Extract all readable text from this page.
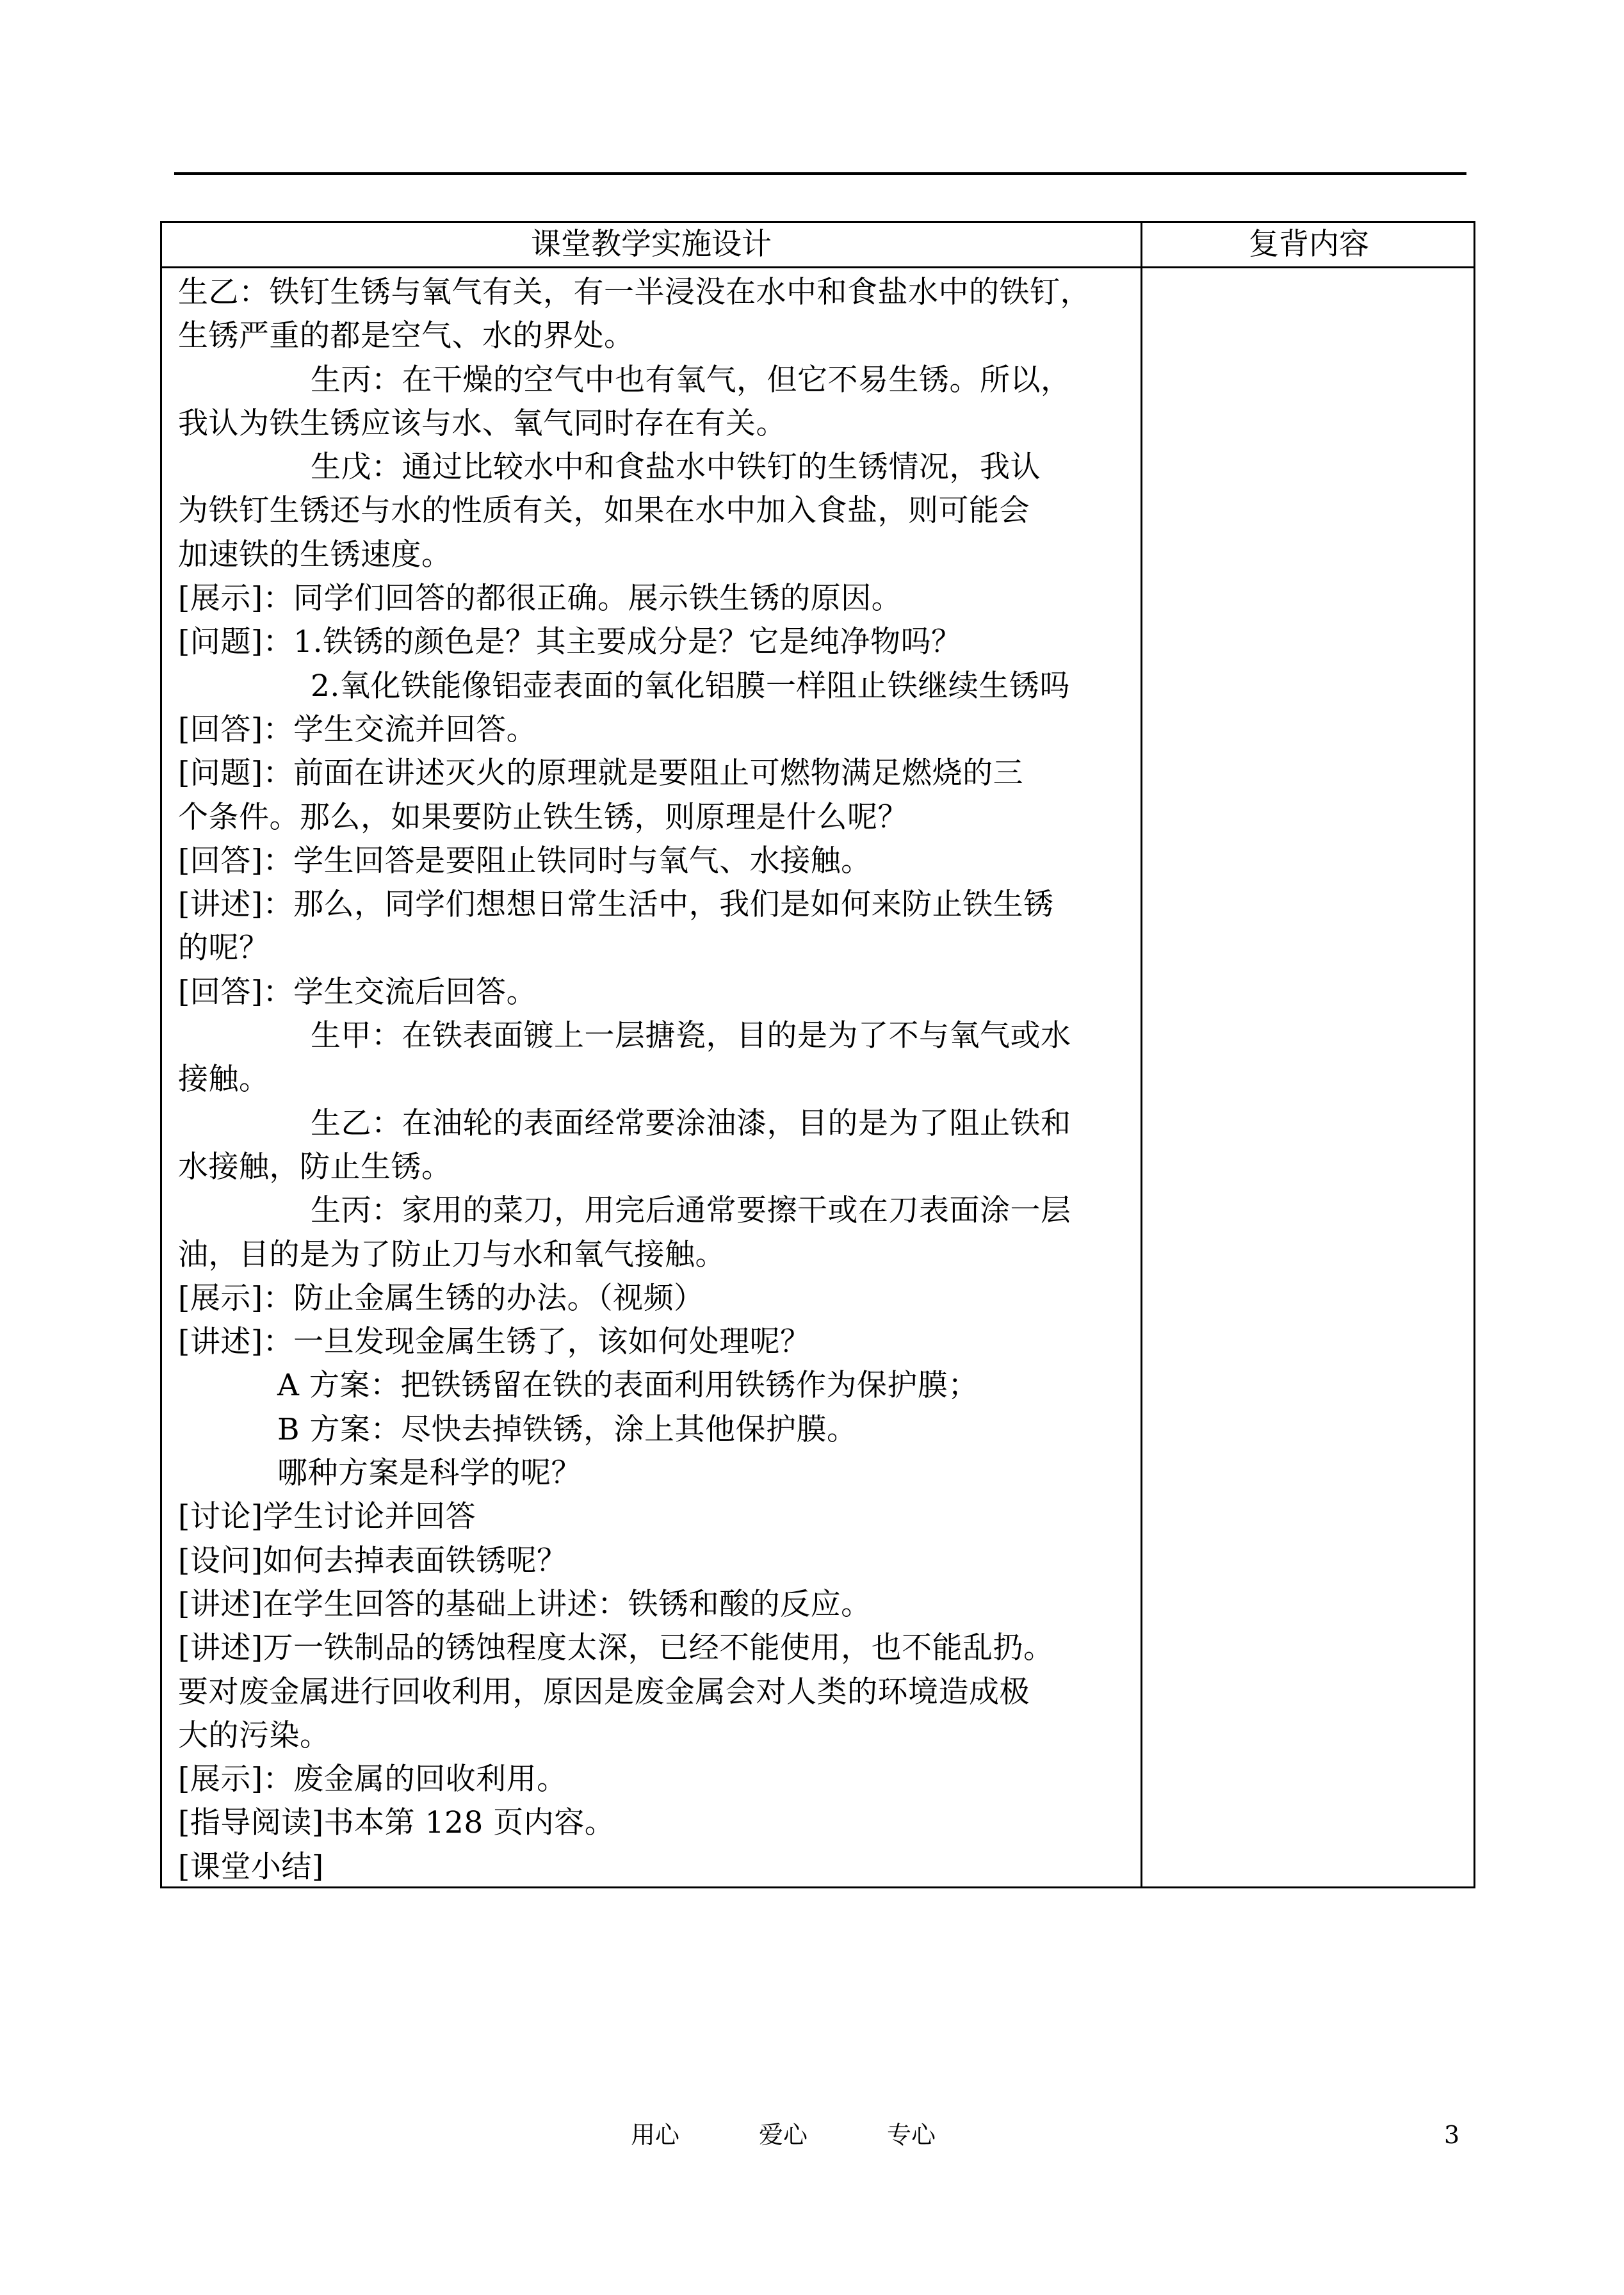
课堂教学实施设计	复背内容
生乙：铁钉生锈与氧气有关，有一半浸没在水中和食盐水中的铁钉，
生锈严重的都是空气、水的界处。
生丙：在干燥的空气中也有氧气，但它不易生锈。所以，
我认为铁生锈应该与水、氧气同时存在有关。
生戊：通过比较水中和食盐水中铁钉的生锈情况，我认
为铁钉生锈还与水的性质有关，如果在水中加入食盐，则可能会
加速铁的生锈速度。
[展示]：同学们回答的都很正确。展示铁生锈的原因。
[问题]：1.铁锈的颜色是？其主要成分是？它是纯净物吗？
2.氧化铁能像铝壶表面的氧化铝膜一样阻止铁继续生锈吗
[回答]：学生交流并回答。
[问题]：前面在讲述灭火的原理就是要阻止可燃物满足燃烧的三
个条件。那么，如果要防止铁生锈，则原理是什么呢？
[回答]：学生回答是要阻止铁同时与氧气、水接触。
[讲述]：那么，同学们想想日常生活中，我们是如何来防止铁生锈
的呢？
[回答]：学生交流后回答。
生甲：在铁表面镀上一层搪瓷，目的是为了不与氧气或水
接触。
生乙：在油轮的表面经常要涂油漆，目的是为了阻止铁和
水接触，防止生锈。
生丙：家用的菜刀，用完后通常要擦干或在刀表面涂一层
油，目的是为了防止刀与水和氧气接触。
[展示]：防止金属生锈的办法。（视频）
[讲述]：一旦发现金属生锈了，该如何处理呢？
A 方案：把铁锈留在铁的表面利用铁锈作为保护膜；
B 方案：尽快去掉铁锈，涂上其他保护膜。
哪种方案是科学的呢？
[讨论]学生讨论并回答
[设问]如何去掉表面铁锈呢？
[讲述]在学生回答的基础上讲述：铁锈和酸的反应。
[讲述]万一铁制品的锈蚀程度太深，已经不能使用，也不能乱扔。
要对废金属进行回收利用，原因是废金属会对人类的环境造成极
大的污染。
[展示]：废金属的回收利用。
[指导阅读]书本第 128 页内容。
[课堂小结]
用心	爱心	专心	3
